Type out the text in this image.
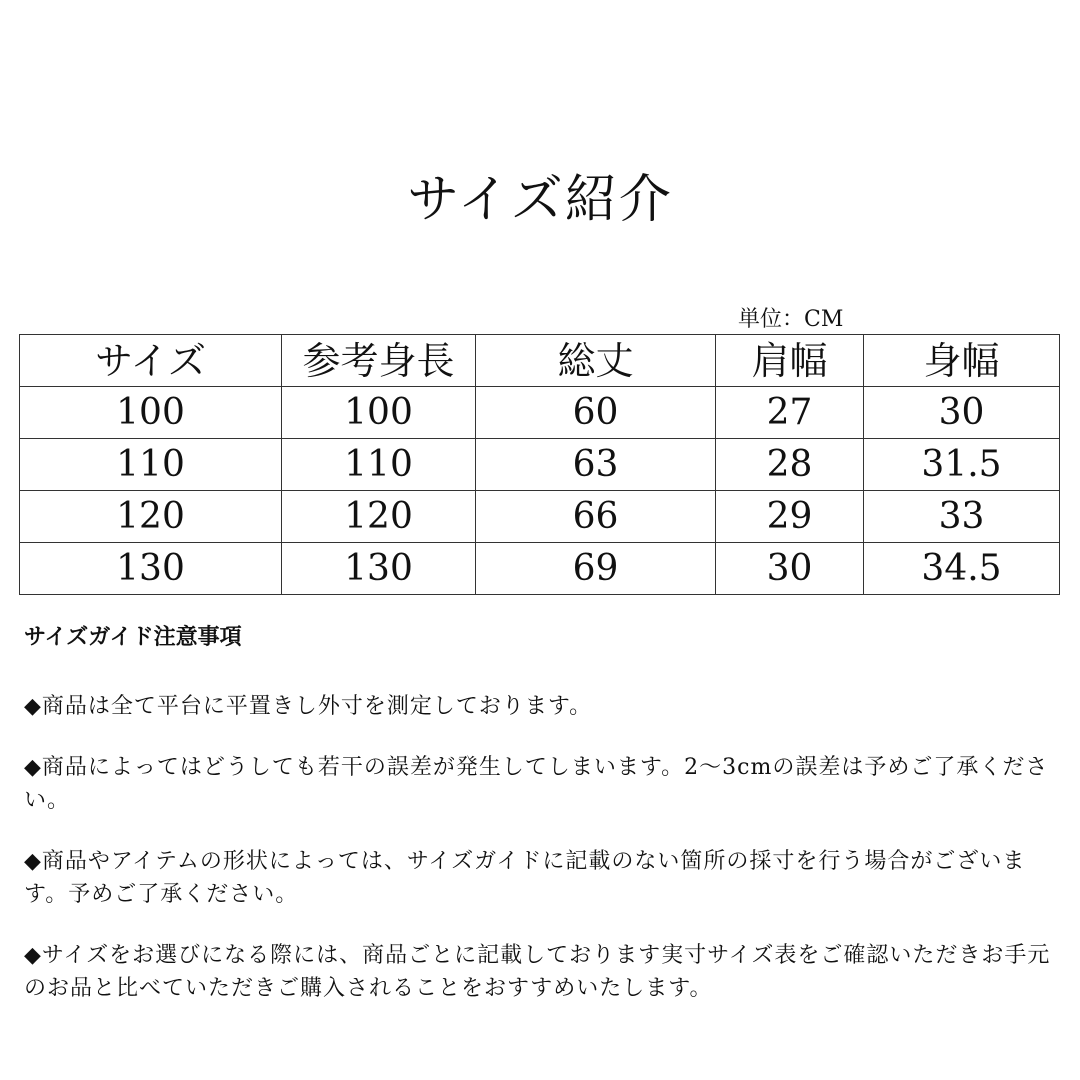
サイズ紹介
単位：CM
サイズ	参考身長	総丈	肩幅	身幅
100	100	60	27	30
110	110	63	28	31.5
120	120	66	29	33
130	130	69	30	34.5
サイズガイド注意事項

◆商品は全て平台に平置きし外寸を測定しております。

◆商品によってはどうしても若干の誤差が発生してしまいます。2～3cmの誤差は予めご了承ください。

◆商品やアイテムの形状によっては、サイズガイドに記載のない箇所の採寸を行う場合がございます。予めご了承ください。

◆サイズをお選びになる際には、商品ごとに記載しております実寸サイズ表をご確認いただきお手元のお品と比べていただきご購入されることをおすすめいたします。
